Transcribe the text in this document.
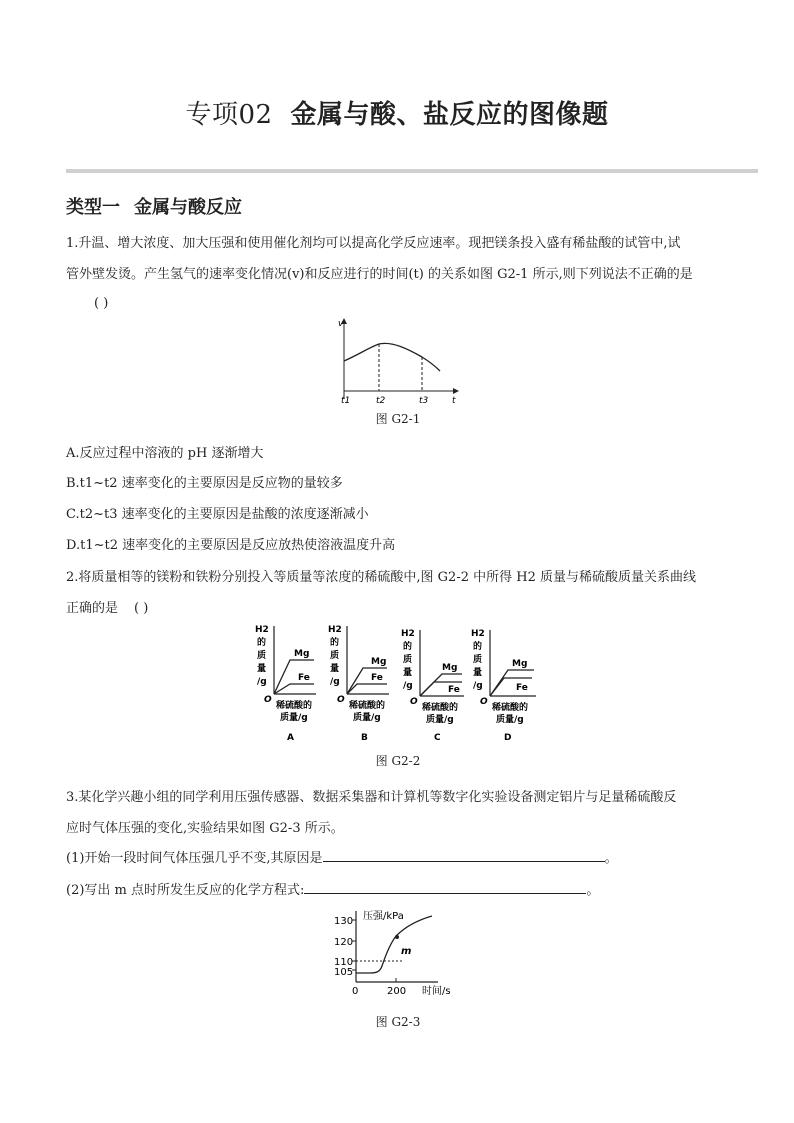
专项02 金属与酸、盐反应的图像题
类型一 金属与酸反应
1.升温、增大浓度、加大压强和使用催化剂均可以提高化学反应速率。现把镁条投入盛有稀盐酸的试管中,试
管外壁发烫。产生氢气的速率变化情况(v)和反应进行的时间(t) 的关系如图 G2-1 所示,则下列说法不正确的是
( )
v
t
t1	t2	t3
图 G2-1
A.反应过程中溶液的 pH 逐渐增大
B.t1~t2 速率变化的主要原因是反应物的量较多
C.t2~t3 速率变化的主要原因是盐酸的浓度逐渐减小
D.t1~t2 速率变化的主要原因是反应放热使溶液温度升高
2.将质量相等的镁粉和铁粉分别投入等质量等浓度的稀硫酸中,图 G2-2 中所得 H2 质量与稀硫酸质量关系曲线
正确的是 ( )
H2
的
质
量
/g
O
Mg
Fe
稀硫酸的
质量/g
A
H2
的
质
量
/g
O
Mg
Fe
稀硫酸的
质量/g
B
H2
的
质
量
/g
O
Mg
Fe
稀硫酸的
质量/g
C
H2
的
质
量
/g
O
Mg
Fe
稀硫酸的
质量/g
D
图 G2-2
3.某化学兴趣小组的同学利用压强传感器、数据采集器和计算机等数字化实验设备测定铝片与足量稀硫酸反
应时气体压强的变化,实验结果如图 G2-3 所示。
(1)开始一段时间气体压强几乎不变,其原因是	。
(2)写出 m 点时所发生反应的化学方程式:	。
压强/kPa
130
120
110
105
m
0	200 时间/s
图 G2-3
